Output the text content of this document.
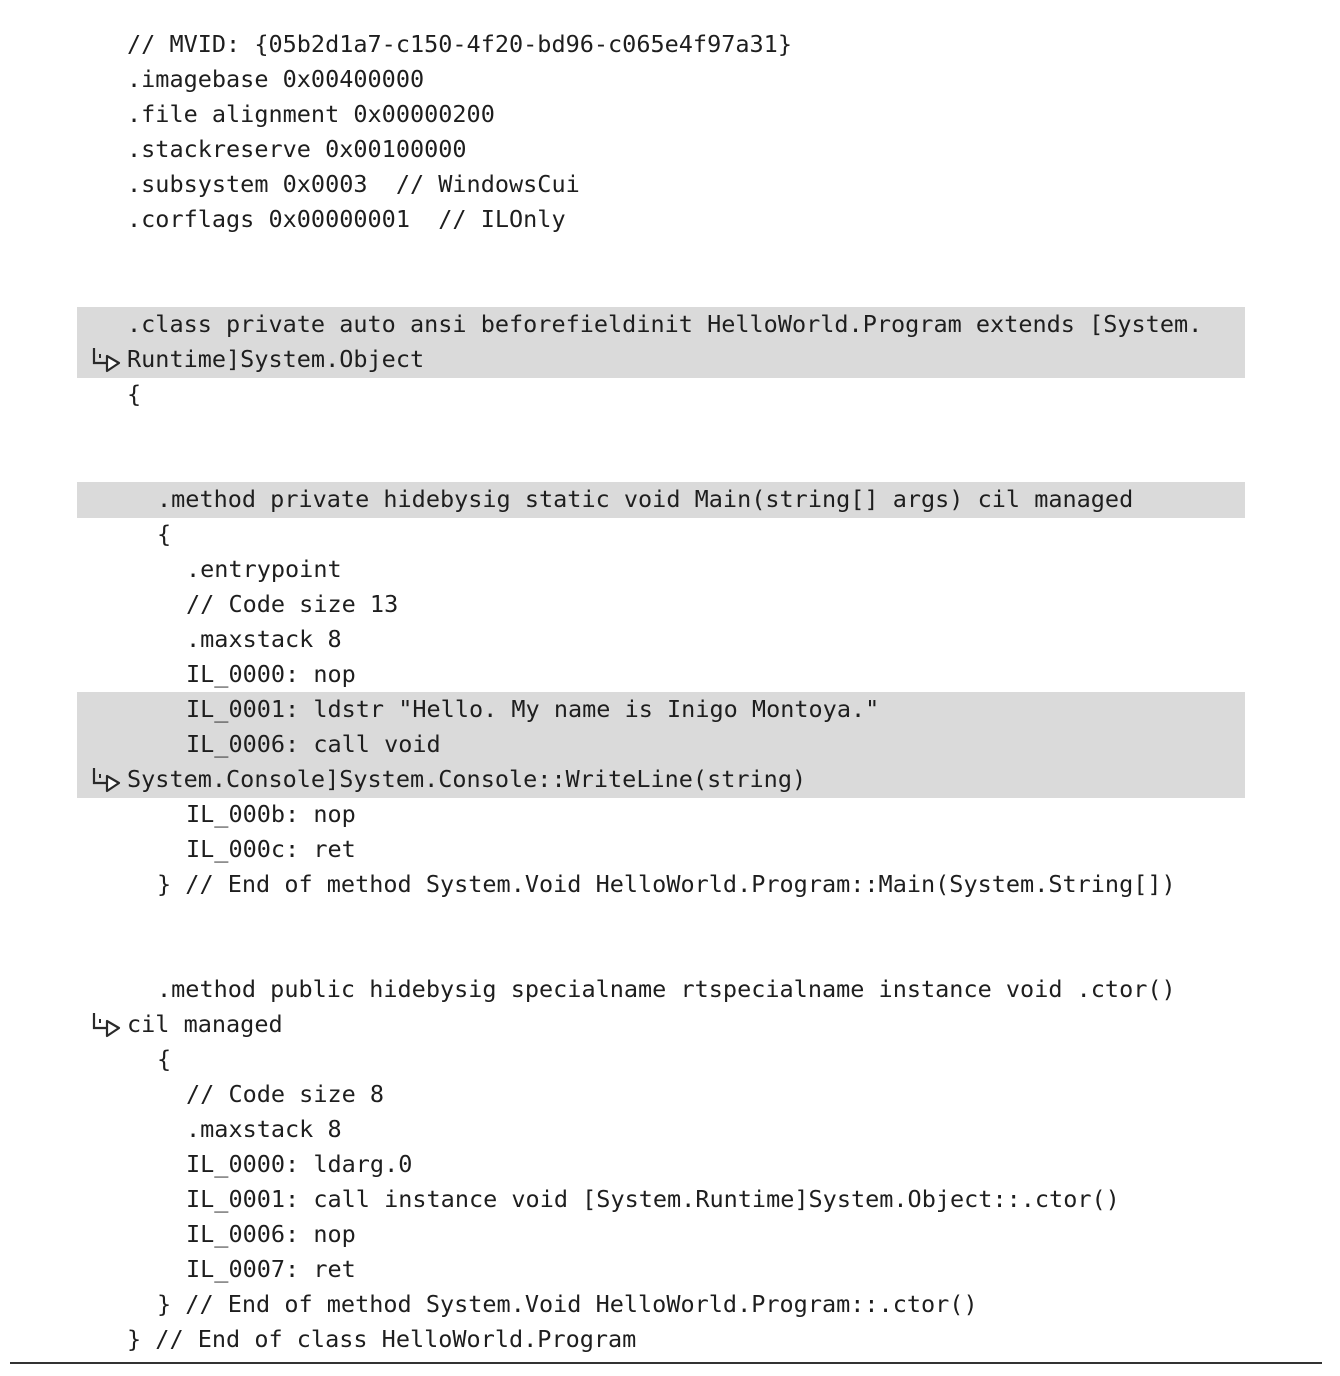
// MVID: {05b2d1a7-c150-4f20-bd96-c065e4f97a31}
.imagebase 0x00400000
.file alignment 0x00000200
.stackreserve 0x00100000
.subsystem 0x0003  // WindowsCui
.corflags 0x00000001  // ILOnly
.class private auto ansi beforefieldinit HelloWorld.Program extends [System.

Runtime]System.Object

{
.method private hidebysig static void Main(string[] args) cil managed
{
.entrypoint
// Code size 13
.maxstack 8
IL_0000: nop
IL_0001: ldstr "Hello. My name is Inigo Montoya."
IL_0006: call void

System.Console]System.Console::WriteLine(string)

IL_000b: nop
IL_000c: ret
} // End of method System.Void HelloWorld.Program::Main(System.String[])
.method public hidebysig specialname rtspecialname instance void .ctor()

cil managed

{
// Code size 8
.maxstack 8
IL_0000: ldarg.0
IL_0001: call instance void [System.Runtime]System.Object::.ctor()
IL_0006: nop
IL_0007: ret
} // End of method System.Void HelloWorld.Program::.ctor()
} // End of class HelloWorld.Program
